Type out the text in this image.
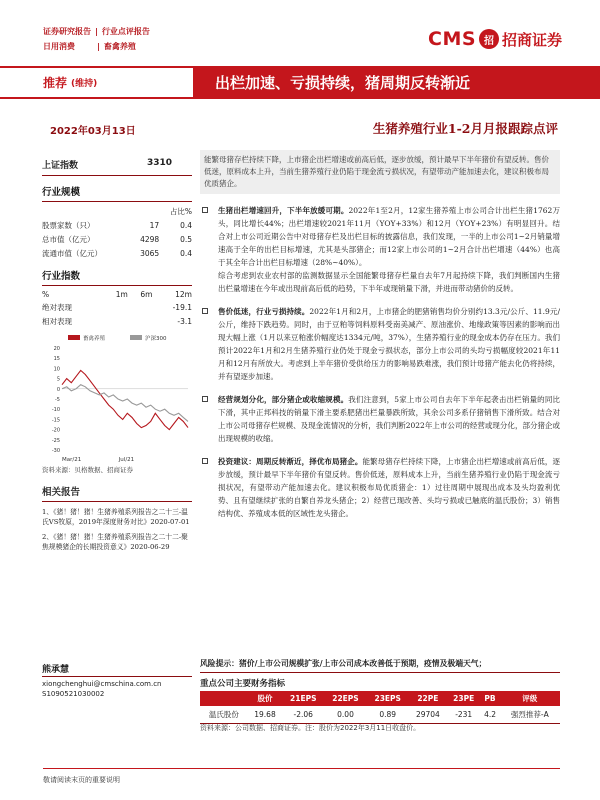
证券研究报告 | 行业点评报告
日用消费	| 畜禽养殖	CMS 招 招商证券
推荐 (维持)	出栏加速、亏损持续，猪周期反转渐近
2022年03月13日	生猪养殖行业1-2月月报跟踪点评
上证指数	3310
行业规模
		占比%
股票家数（只）	17	0.4
总市值（亿元）	4298	0.5
流通市值（亿元）	3065	0.4
行业指数
%	1m	6m	12m
绝对表现			-19.1
相对表现			-3.1
畜禽养殖	沪深300
20
15
10
5
0
-5
-10
-15
-20
-25
-30
Mar/21	Jul/21
资料来源：贝格数据、招商证券
相关报告
1、《猪！猪！猪！生猪养殖系列报告之二十三-温氏VS牧原，2019年深度财务对比》2020-07-01
2、《猪！猪！猪！生猪养殖系列报告之二十二-聚焦规模猪企的长期投资意义》2020-06-29
熊承慧
xiongchenghui@cmschina.com.cn
S1090521030002
能繁母猪存栏持续下降，上市猪企出栏增速或前高后低，逐步放缓，预计最早下半年猪价有望反转。售价低迷，原料成本上升，当前生猪养殖行业仍陷于现金流亏损状况，有望带动产能加速去化，建议积极布局优质猪企。
生猪出栏增速回升，下半年放缓可期。2022年1至2月，12家生猪养殖上市公司合计出栏生猪1762万头，同比增长44%；出栏增速较2021年11月（YOY+33%）和12月（YOY+23%）有明显回升。结合对上市公司近期公告中对母猪存栏及出栏目标的披露信息，我们发现，一半的上市公司1~2月销量增速高于全年的出栏目标增速，尤其是头部猪企；而12家上市公司的1~2月合计出栏增速（44%）也高于其全年合计出栏目标增速（28%~40%）。
综合考虑到农业农村部的监测数据显示全国能繁母猪存栏量自去年7月起持续下降，我们判断国内生猪出栏量增速在今年或出现前高后低的趋势，下半年或现销量下滑，并进而带动猪价的反转。
售价低迷，行业亏损持续。2022年1月和2月，上市猪企的肥猪销售均价分别约13.3元/公斤、11.9元/公斤，维持下跌趋势。同时，由于豆粕等饲料原料受南美减产、原油涨价、地缘政策等因素的影响而出现大幅上涨（1月以来豆粕涨价幅度达1334元/吨，37%），生猪养殖行业的现金成本仍存在压力。我们预计2022年1月和2月生猪养殖行业仍处于现金亏损状态，部分上市公司的头均亏损幅度较2021年11月和12月有所放大。考虑到上半年猪价受供给压力的影响易跌难涨，我们预计母猪产能去化仍将持续，并有望逐步加速。
经营规划分化，部分猪企或收缩规模。我们注意到，5家上市公司自去年下半年起袭击出栏销量的同比下滑，其中正邦科技的销量下滑主要系肥猪出栏量暴跌所致，其余公司多系仔猪销售下滑所致。结合对上市公司母猪存栏规模、及现金流情况的分析，我们判断2022年上市公司的经营或现分化，部分猪企或出现规模的收缩。
投资建议：周期反转渐近，择优布局猪企。能繁母猪存栏持续下降，上市猪企出栏增速或前高后低，逐步放缓，预计最早下半年猪价有望反转。售价低迷，原料成本上升，当前生猪养殖行业仍陷于现金流亏损状况，有望带动产能加速去化。建议积极布局优质猪企：1）过往周期中展现出成本及头均盈利优势、且有望继续扩张的自繁自养龙头猪企；2）经营已现改善、头均亏损或已触底的温氏股份；3）销售结构优、养殖成本低的区域性龙头猪企。
风险提示：猪价/上市公司规模扩张/上市公司成本改善低于预期，疫情及极端天气；
重点公司主要财务指标
	股价	21EPS	22EPS	23EPS	22PE	23PE	PB	评级
温氏股份	19.68	-2.06	0.00	0.89	29704	-231	4.2	强烈推荐-A
资料来源：公司数据、招商证券。注：股价为2022年3月11日收盘价。
敬请阅读末页的重要说明
